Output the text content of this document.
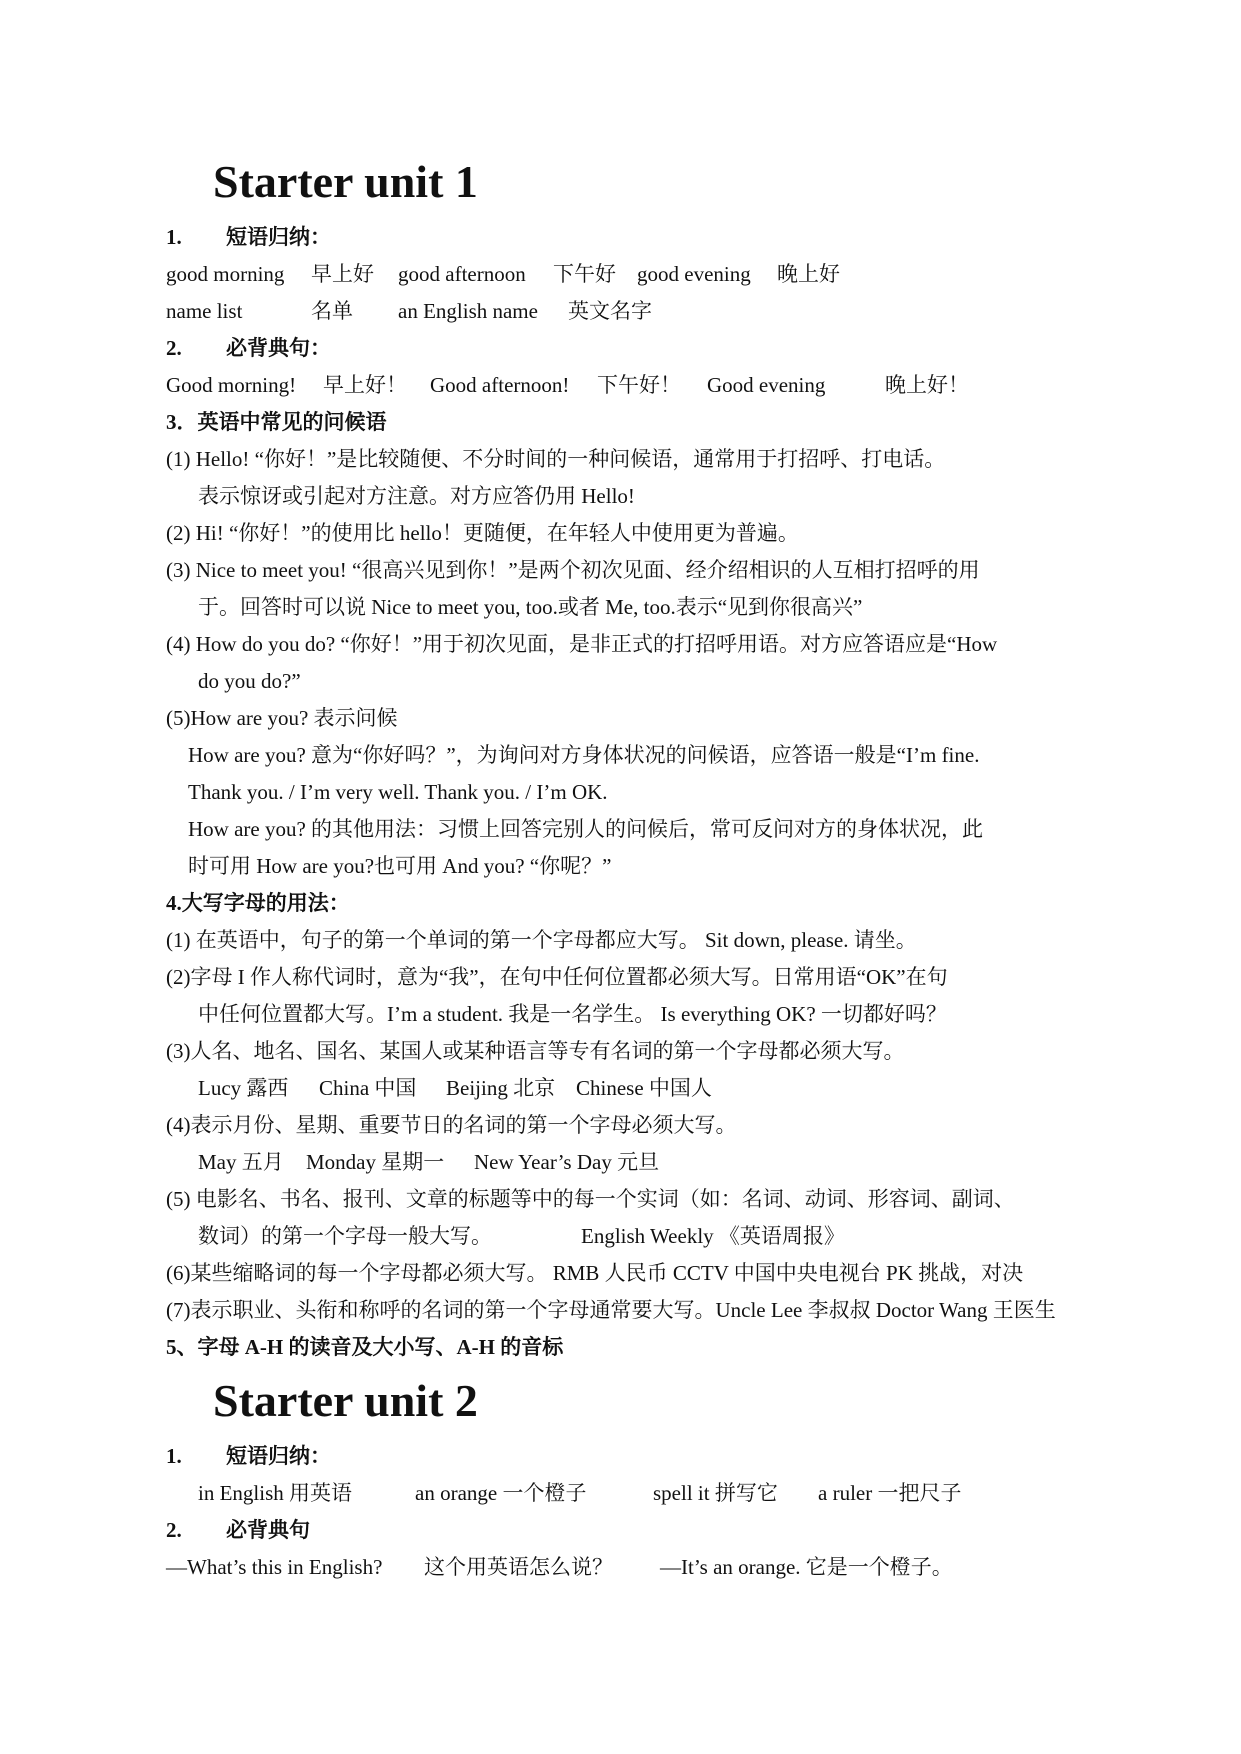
Starter unit 1
1. 短语归纳：
good morning 早上好 good afternoon 下午好 good evening 晚上好
name list	名单 an English name 英文名字
2. 必背典句：
Good morning! 早上好！ Good afternoon! 下午好！ Good evening	晚上好！
3．英语中常见的问候语
(1) Hello! “你好！”是比较随便、不分时间的一种问候语，通常用于打招呼、打电话。
表示惊讶或引起对方注意。对方应答仍用 Hello!
(2) Hi! “你好！”的使用比 hello！更随便，在年轻人中使用更为普遍。
(3) Nice to meet you! “很高兴见到你！”是两个初次见面、经介绍相识的人互相打招呼的用
于。回答时可以说 Nice to meet you, too.或者 Me, too.表示“见到你很高兴”
(4) How do you do? “你好！”用于初次见面，是非正式的打招呼用语。对方应答语应是“How
do you do?”
(5)How are you? 表示问候
How are you? 意为“你好吗？”，为询问对方身体状况的问候语，应答语一般是“I’m fine.
Thank you. / I’m very well. Thank you. / I’m OK.
How are you? 的其他用法：习惯上回答完别人的问候后，常可反问对方的身体状况，此
时可用 How are you?也可用 And you? “你呢？”
4.大写字母的用法：
(1) 在英语中，句子的第一个单词的第一个字母都应大写。 Sit down, please. 请坐。
(2)字母 I 作人称代词时，意为“我”，在句中任何位置都必须大写。日常用语“OK”在句
中任何位置都大写。I’m a student. 我是一名学生。 Is everything OK? 一切都好吗？
(3)人名、地名、国名、某国人或某种语言等专有名词的第一个字母都必须大写。
Lucy 露西 China 中国 Beijing 北京 Chinese 中国人
(4)表示月份、星期、重要节日的名词的第一个字母必须大写。
May 五月 Monday 星期一 New Year’s Day 元旦
(5) 电影名、书名、报刊、文章的标题等中的每一个实词（如：名词、动词、形容词、副词、
数词）的第一个字母一般大写。	English Weekly 《英语周报》
(6)某些缩略词的每一个字母都必须大写。 RMB 人民币 CCTV 中国中央电视台 PK 挑战，对决
(7)表示职业、头衔和称呼的名词的第一个字母通常要大写。Uncle Lee 李叔叔 Doctor Wang 王医生
5、字母 A-H 的读音及大小写、A-H 的音标
Starter unit 2
1. 短语归纳：
in English 用英语	an orange 一个橙子	spell it 拼写它 a ruler 一把尺子
2. 必背典句
—What’s this in English? 这个用英语怎么说？ —It’s an orange. 它是一个橙子。
